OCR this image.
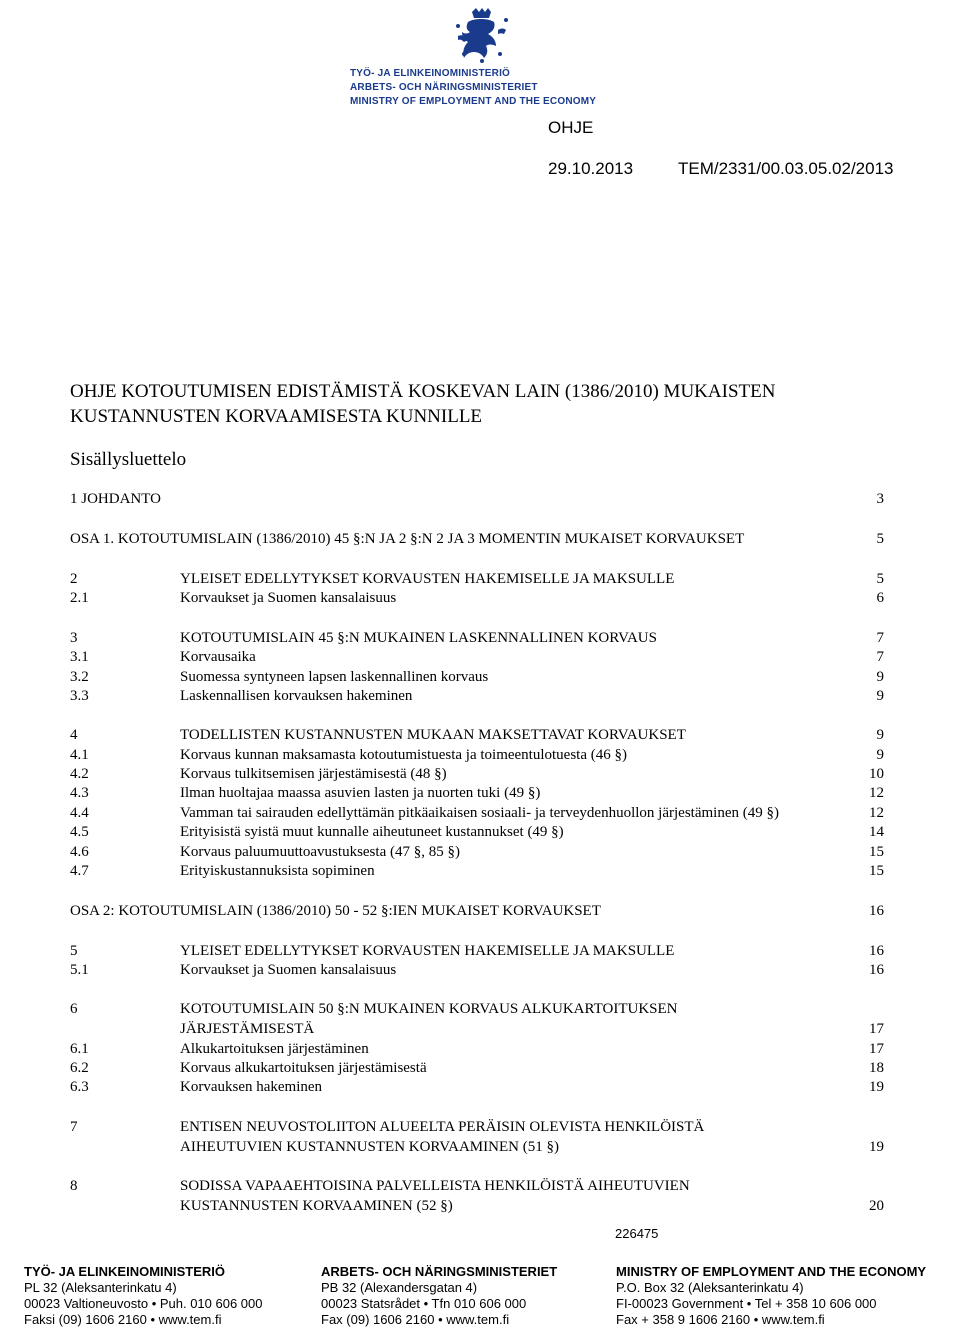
TYÖ- JA ELINKEINOMINISTERIÖ
ARBETS- OCH NÄRINGSMINISTERIET
MINISTRY OF EMPLOYMENT AND THE ECONOMY
OHJE
29.10.2013	TEM/2331/00.03.05.02/2013
OHJE KOTOUTUMISEN EDISTÄMISTÄ KOSKEVAN LAIN (1386/2010) MUKAISTEN
KUSTANNUSTEN KORVAAMISESTA KUNNILLE
Sisällysluettelo
1 JOHDANTO	3
OSA 1. KOTOUTUMISLAIN (1386/2010) 45 §:N JA 2 §:N 2 JA 3 MOMENTIN MUKAISET KORVAUKSET	5
2	YLEISET EDELLYTYKSET KORVAUSTEN HAKEMISELLE JA MAKSULLE	5
2.1	Korvaukset ja Suomen kansalaisuus	6
3	KOTOUTUMISLAIN 45 §:N MUKAINEN LASKENNALLINEN KORVAUS	7
3.1	Korvausaika	7
3.2	Suomessa syntyneen lapsen laskennallinen korvaus	9
3.3	Laskennallisen korvauksen hakeminen	9
4	TODELLISTEN KUSTANNUSTEN MUKAAN MAKSETTAVAT KORVAUKSET	9
4.1	Korvaus kunnan maksamasta kotoutumistuesta ja toimeentulotuesta (46 §)	9
4.2	Korvaus tulkitsemisen järjestämisestä (48 §)	10
4.3	Ilman huoltajaa maassa asuvien lasten ja nuorten tuki (49 §)	12
4.4	Vamman tai sairauden edellyttämän pitkäaikaisen sosiaali- ja terveydenhuollon järjestäminen (49 §)	12
4.5	Erityisistä syistä muut kunnalle aiheutuneet kustannukset (49 §)	14
4.6	Korvaus paluumuuttoavustuksesta (47 §, 85 §)	15
4.7	Erityiskustannuksista sopiminen	15
OSA 2: KOTOUTUMISLAIN (1386/2010) 50 - 52 §:IEN MUKAISET KORVAUKSET	16
5	YLEISET EDELLYTYKSET KORVAUSTEN HAKEMISELLE JA MAKSULLE	16
5.1	Korvaukset ja Suomen kansalaisuus	16
6	KOTOUTUMISLAIN 50 §:N MUKAINEN KORVAUS ALKUKARTOITUKSEN
JÄRJESTÄMISESTÄ	17
6.1	Alkukartoituksen järjestäminen	17
6.2	Korvaus alkukartoituksen järjestämisestä	18
6.3	Korvauksen hakeminen	19
7	ENTISEN NEUVOSTOLIITON ALUEELTA PERÄISIN OLEVISTA HENKILÖISTÄ
AIHEUTUVIEN KUSTANNUSTEN KORVAAMINEN (51 §)	19
8	SODISSA VAPAAEHTOISINA PALVELLEISTA HENKILÖISTÄ AIHEUTUVIEN
KUSTANNUSTEN KORVAAMINEN (52 §)	20
226475
TYÖ- JA ELINKEINOMINISTERIÖ
PL 32 (Aleksanterinkatu 4)
00023 Valtioneuvosto • Puh. 010 606 000
Faksi (09) 1606 2160 • www.tem.fi
ARBETS- OCH NÄRINGSMINISTERIET
PB 32 (Alexandersgatan 4)
00023 Statsrådet • Tfn 010 606 000
Fax (09) 1606 2160 • www.tem.fi
MINISTRY OF EMPLOYMENT AND THE ECONOMY
P.O. Box 32 (Aleksanterinkatu 4)
FI-00023 Government • Tel + 358 10 606 000
Fax + 358 9 1606 2160 • www.tem.fi
